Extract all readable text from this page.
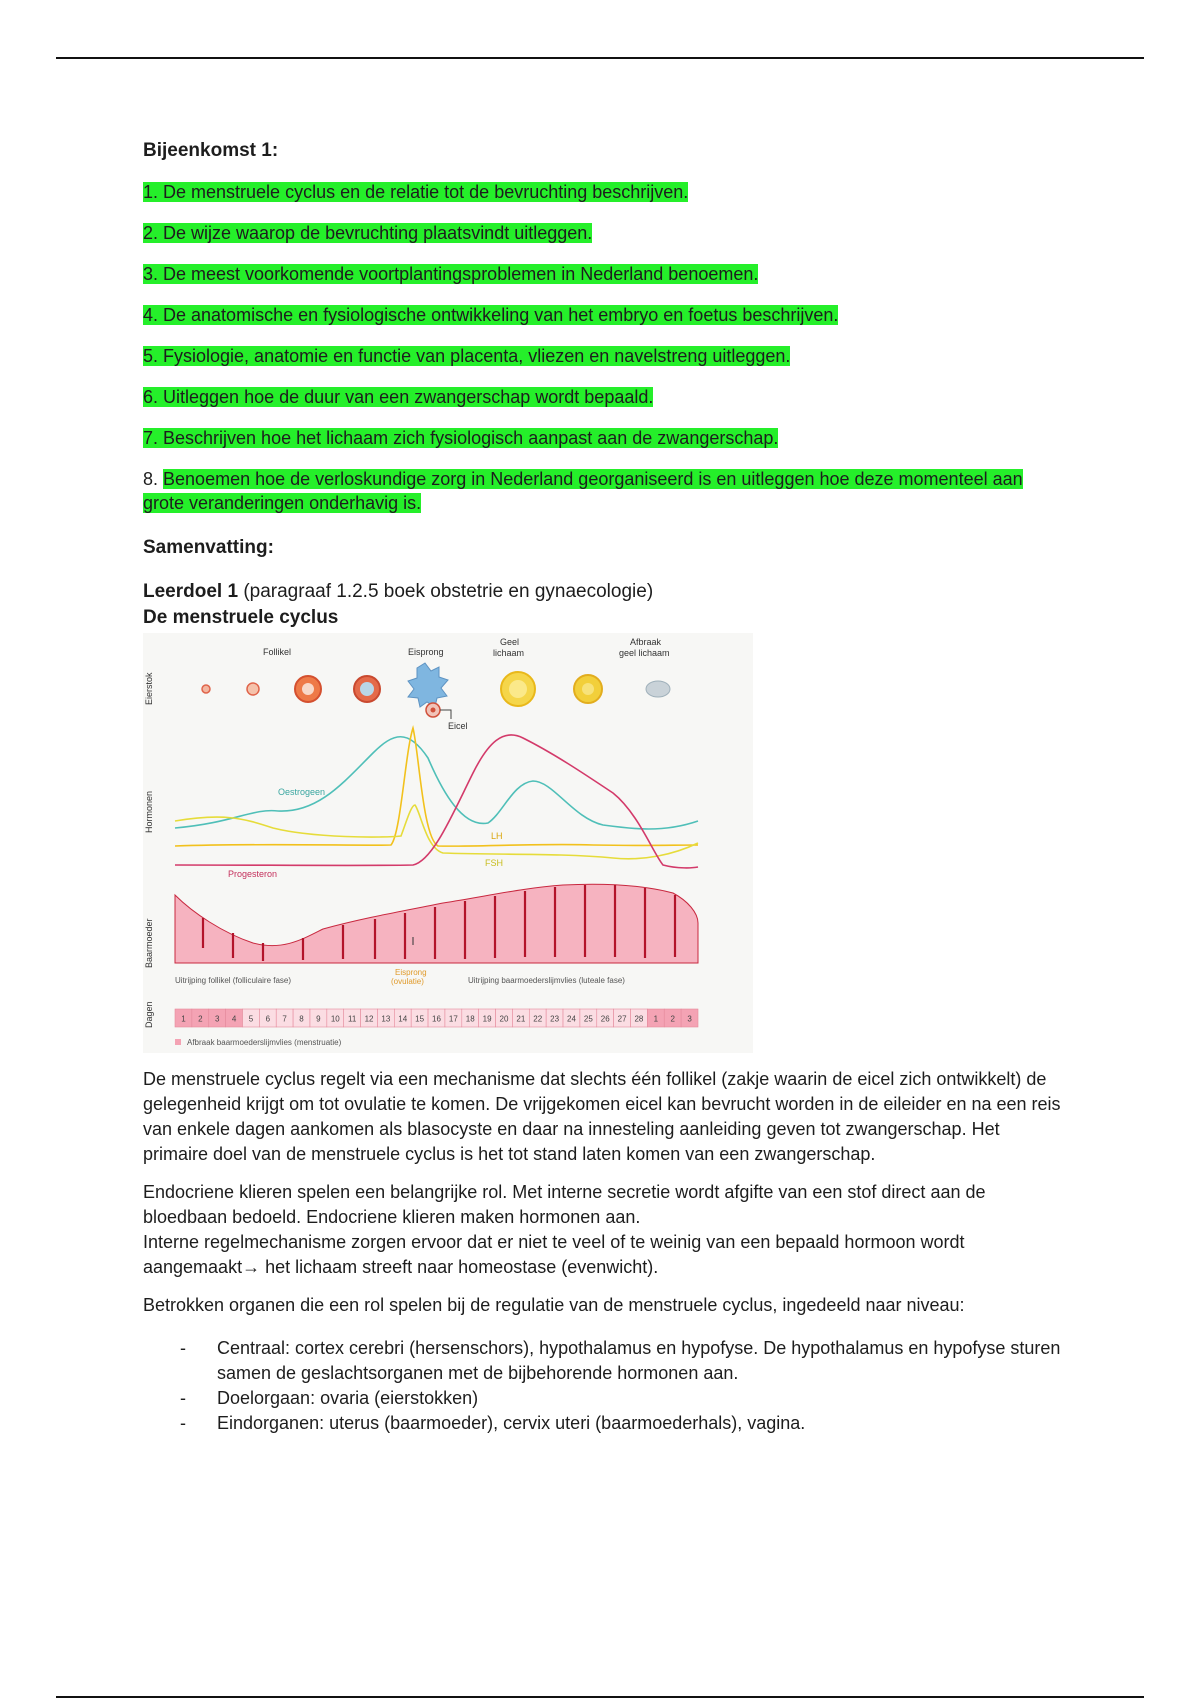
Bijeenkomst 1:

1. De menstruele cyclus en de relatie tot de bevruchting beschrijven.

2. De wijze waarop de bevruchting plaatsvindt uitleggen.

3. De meest voorkomende voortplantingsproblemen in Nederland benoemen.

4. De anatomische en fysiologische ontwikkeling van het embryo en foetus beschrijven.

5. Fysiologie, anatomie en functie van placenta, vliezen en navelstreng uitleggen.

6. Uitleggen hoe de duur van een zwangerschap wordt bepaald.

7. Beschrijven hoe het lichaam zich fysiologisch aanpast aan de zwangerschap.

8. Benoemen hoe de verloskundige zorg in Nederland georganiseerd is en uitleggen hoe deze momenteel aan grote veranderingen onderhavig is.

Samenvatting:

Leerdoel 1 (paragraaf 1.2.5 boek obstetrie en gynaecologie)
De menstruele cyclus

Eierstok
Hormonen
Baarmoeder
Dagen
Follikel	Eisprong
Geel lichaam
Afbraak geel lichaam
Eicel
Oestrogeen
LH
FSH
Progesteron
Uitrijping follikel (folliculaire fase)
Eisprong (ovulatie)	Uitrijping baarmoederslijmvlies (luteale fase)
1 2 3 4 5 6 7 8 9 10 11 12 13 14 15 16 17 18 19 20 21 22 23 24 25 26 27 28 1 2 3
Afbraak baarmoederslijmvlies (menstruatie)

De menstruele cyclus regelt via een mechanisme dat slechts één follikel (zakje waarin de eicel zich ontwikkelt) de gelegenheid krijgt om tot ovulatie te komen. De vrijgekomen eicel kan bevrucht worden in de eileider en na een reis van enkele dagen aankomen als blasocyste en daar na innesteling aanleiding geven tot zwangerschap. Het primaire doel van de menstruele cyclus is het tot stand laten komen van een zwangerschap.

Endocriene klieren spelen een belangrijke rol. Met interne secretie wordt afgifte van een stof direct aan de bloedbaan bedoeld. Endocriene klieren maken hormonen aan.

Interne regelmechanisme zorgen ervoor dat er niet te veel of te weinig van een bepaald hormoon wordt aangemaakt→ het lichaam streeft naar homeostase (evenwicht).

Betrokken organen die een rol spelen bij de regulatie van de menstruele cyclus, ingedeeld naar niveau:

- Centraal: cortex cerebri (hersenschors), hypothalamus en hypofyse. De hypothalamus en hypofyse sturen samen de geslachtsorganen met de bijbehorende hormonen aan.
- Doelorgaan: ovaria (eierstokken)
- Eindorganen: uterus (baarmoeder), cervix uteri (baarmoederhals), vagina.
